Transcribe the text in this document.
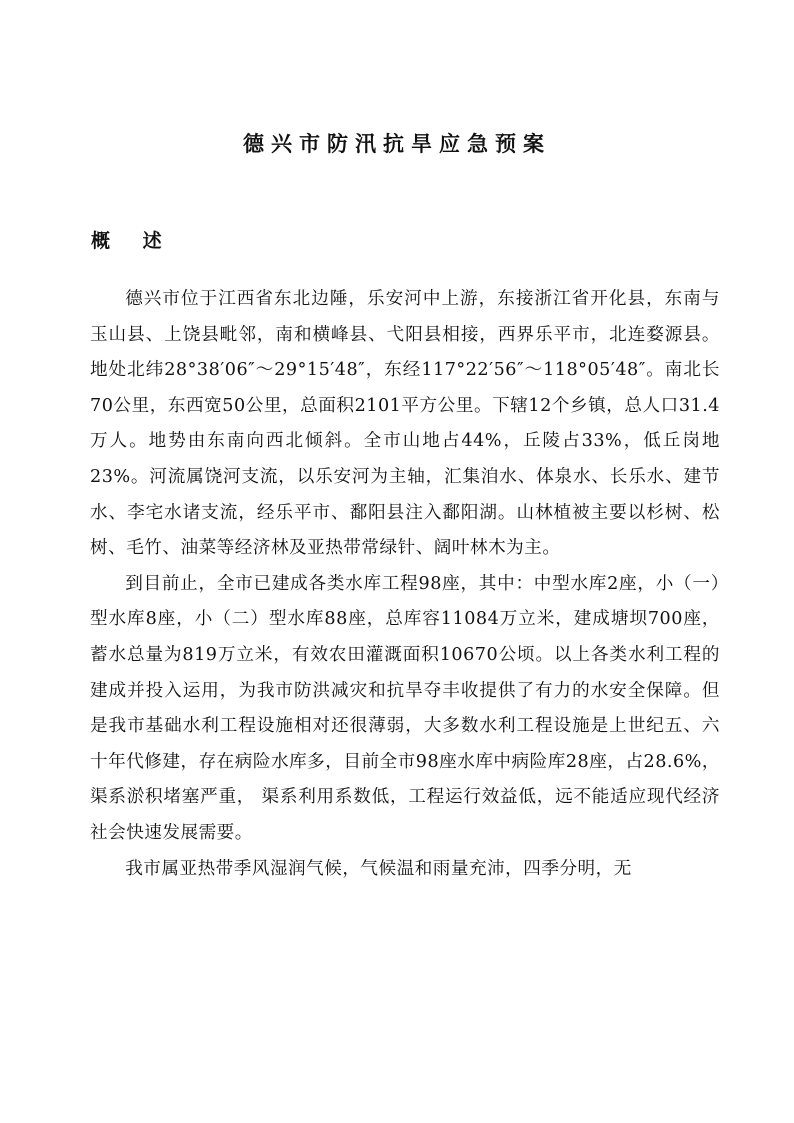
德兴市防汛抗旱应急预案
概 述

德兴市位于江西省东北边陲，乐安河中上游，东接浙江省开化县，东南与玉山县、上饶县毗邻，南和横峰县、弋阳县相接，西界乐平市，北连婺源县。地处北纬28°38′06″～29°15′48″，东经117°22′56″～118°05′48″。南北长70公里，东西宽50公里，总面积2101平方公里。下辖12个乡镇，总人口31.4 万人。地势由东南向西北倾斜。全市山地占44%，丘陵占33%，低丘岗地23%。河流属饶河支流，以乐安河为主轴，汇集洎水、体泉水、长乐水、建节水、李宅水诸支流，经乐平市、鄱阳县注入鄱阳湖。山林植被主要以杉树、松树、毛竹、油菜等经济林及亚热带常绿针、阔叶林木为主。

到目前止，全市已建成各类水库工程98座，其中：中型水库2座，小（一）型水库8座，小（二）型水库88座，总库容11084万立米，建成塘坝700座，蓄水总量为819万立米，有效农田灌溉面积10670公顷。以上各类水利工程的建成并投入运用，为我市防洪减灾和抗旱夺丰收提供了有力的水安全保障。但是我市基础水利工程设施相对还很薄弱，大多数水利工程设施是上世纪五、六十年代修建，存在病险水库多，目前全市98座水库中病险库28座，占28.6%，渠系淤积堵塞严重， 渠系利用系数低，工程运行效益低，远不能适应现代经济社会快速发展需要。

我市属亚热带季风湿润气候，气候温和雨量充沛，四季分明，无
